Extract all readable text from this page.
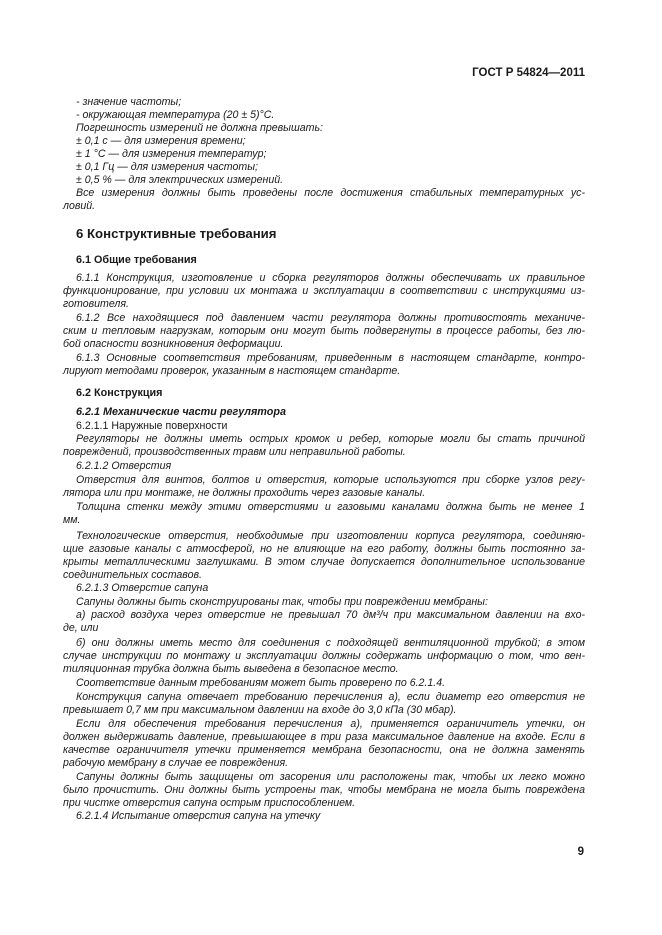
ГОСТ Р 54824—2011

- значение частоты;

- окружающая температура (20 ± 5)°С.

Погрешность измерений не должна превышать:

± 0,1 с — для измерения времени;

± 1 °С — для измерения температур;

± 0,1 Гц — для измерения частоты;

± 0,5 % — для электрических измерений.

Все измерения должны быть проведены после достижения стабильных температурных ус-

ловий.

6 Конструктивные требования
6.1 Общие требования

6.1.1 Конструкция, изготовление и сборка регуляторов должны обеспечивать их правильное

функционирование, при условии их монтажа и эксплуатации в соответствии с инструкциями из-

готовителя.

6.1.2 Все находящиеся под давлением части регулятора должны противостоять механиче-

ским и тепловым нагрузкам, которым они могут быть подвергнуты в процессе работы, без лю-

бой опасности возникновения деформации.

6.1.3 Основные соответствия требованиям, приведенным в настоящем стандарте, контро-

лируют методами проверок, указанным в настоящем стандарте.

6.2 Конструкция
6.2.1 Механические части регулятора

6.2.1.1 Наружные поверхности

Регуляторы не должны иметь острых кромок и ребер, которые могли бы стать причиной

повреждений, производственных травм или неправильной работы.

6.2.1.2 Отверстия

Отверстия для винтов, болтов и отверстия, которые используются при сборке узлов регу-

лятора или при монтаже, не должны проходить через газовые каналы.

Толщина стенки между этими отверстиями и газовыми каналами должна быть не менее 1

мм.

Технологические отверстия, необходимые при изготовлении корпуса регулятора, соединяю-

щие газовые каналы с атмосферой, но не влияющие на его работу, должны быть постоянно за-

крыты металлическими заглушками. В этом случае допускается дополнительное использование

соединительных составов.

6.2.1.3 Отверстие сапуна

Сапуны должны быть сконструированы так, чтобы при повреждении мембраны:

а) расход воздуха через отверстие не превышал 70 дм³/ч при максимальном давлении на вхо-

де, или

б) они должны иметь место для соединения с подходящей вентиляционной трубкой; в этом

случае инструкции по монтажу и эксплуатации должны содержать информацию о том, что вен-

тиляционная трубка должна быть выведена в безопасное место.

Соответствие данным требованиям может быть проверено по 6.2.1.4.

Конструкция сапуна отвечает требованию перечисления а), если диаметр его отверстия не

превышает 0,7 мм при максимальном давлении на входе до 3,0 кПа (30 мбар).

Если для обеспечения требования перечисления а), применяется ограничитель утечки, он

должен выдерживать давление, превышающее в три раза максимальное давление на входе. Если в

качестве ограничителя утечки применяется мембрана безопасности, она не должна заменять

рабочую мембрану в случае ее повреждения.

Сапуны должны быть защищены от засорения или расположены так, чтобы их легко можно

было прочистить. Они должны быть устроены так, чтобы мембрана не могла быть повреждена

при чистке отверстия сапуна острым приспособлением.

6.2.1.4 Испытание отверстия сапуна на утечку

9
